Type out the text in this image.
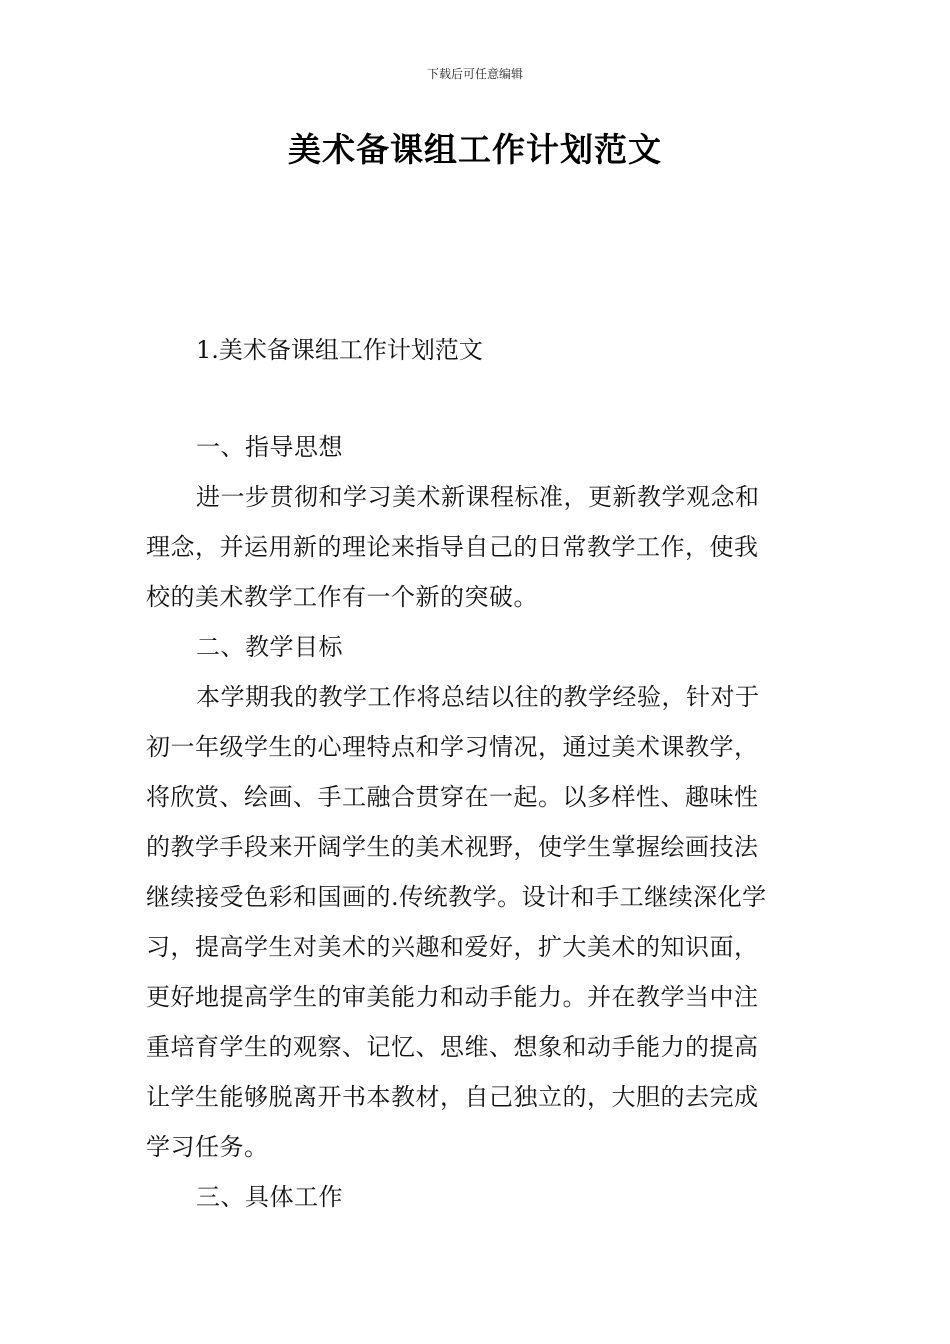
下载后可任意编辑
美术备课组工作计划范文
1.美术备课组工作计划范文
一、指导思想
进一步贯彻和学习美术新课程标准，更新教学观念和
理念，并运用新的理论来指导自己的日常教学工作，使我
校的美术教学工作有一个新的突破。
二、教学目标
本学期我的教学工作将总结以往的教学经验，针对于
初一年级学生的心理特点和学习情况，通过美术课教学，
将欣赏、绘画、手工融合贯穿在一起。以多样性、趣味性
的教学手段来开阔学生的美术视野，使学生掌握绘画技法
继续接受色彩和国画的.传统教学。设计和手工继续深化学
习，提高学生对美术的兴趣和爱好，扩大美术的知识面，
更好地提高学生的审美能力和动手能力。并在教学当中注
重培育学生的观察、记忆、思维、想象和动手能力的提高
让学生能够脱离开书本教材，自己独立的，大胆的去完成
学习任务。
三、具体工作
